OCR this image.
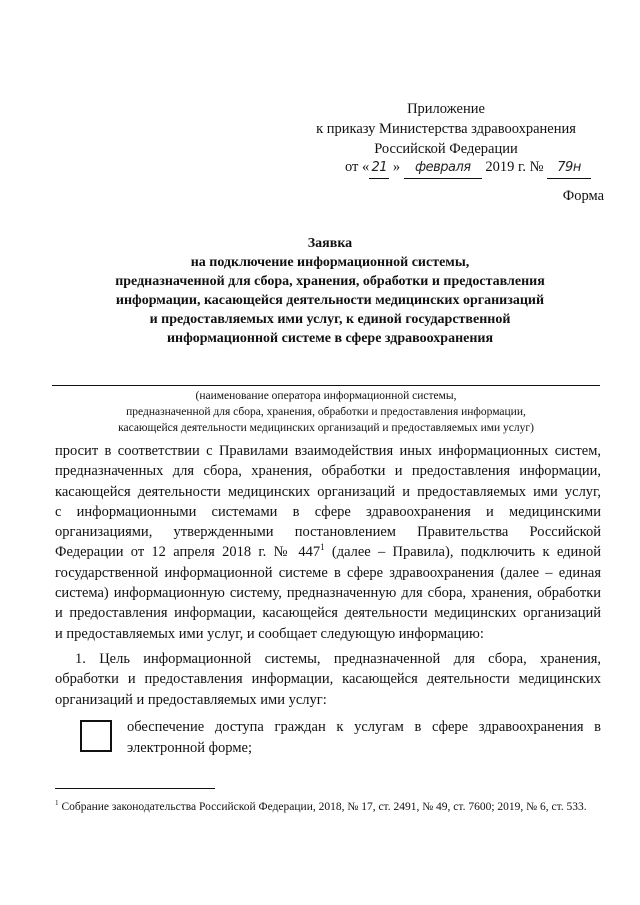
Приложение
к приказу Министерства здравоохранения
Российской Федерации
от « 21 » февраля 2019 г. № 79н
Форма
Заявка
на подключение информационной системы,
предназначенной для сбора, хранения, обработки и предоставления
информации, касающейся деятельности медицинских организаций
и предоставляемых ими услуг, к единой государственной
информационной системе в сфере здравоохранения
(наименование оператора информационной системы,
предназначенной для сбора, хранения, обработки и предоставления информации,
касающейся деятельности медицинских организаций и предоставляемых ими услуг)
просит в соответствии с Правилами взаимодействия иных информационных систем,
предназначенных для сбора, хранения, обработки и предоставления информации,
касающейся деятельности медицинских организаций и предоставляемых ими услуг,
с информационными системами в сфере здравоохранения и медицинскими
организациями, утвержденными постановлением Правительства Российской
Федерации от 12 апреля 2018 г. № $447^1$ (далее – Правила), подключить к единой
государственной информационной системе в сфере здравоохранения (далее – единая
система) информационную систему, предназначенную для сбора, хранения, обработки
и предоставления информации, касающейся деятельности медицинских организаций
и предоставляемых ими услуг, и сообщает следующую информацию:
1. Цель информационной системы, предназначенной для сбора, хранения,
обработки и предоставления информации, касающейся деятельности медицинских
организаций и предоставляемых ими услуг:
обеспечение доступа граждан к услугам в сфере здравоохранения в
электронной форме;
$^1$ Собрание законодательства Российской Федерации, 2018, № 17, ст. 2491, № 49, ст. 7600; 2019, № 6, ст. 533.
